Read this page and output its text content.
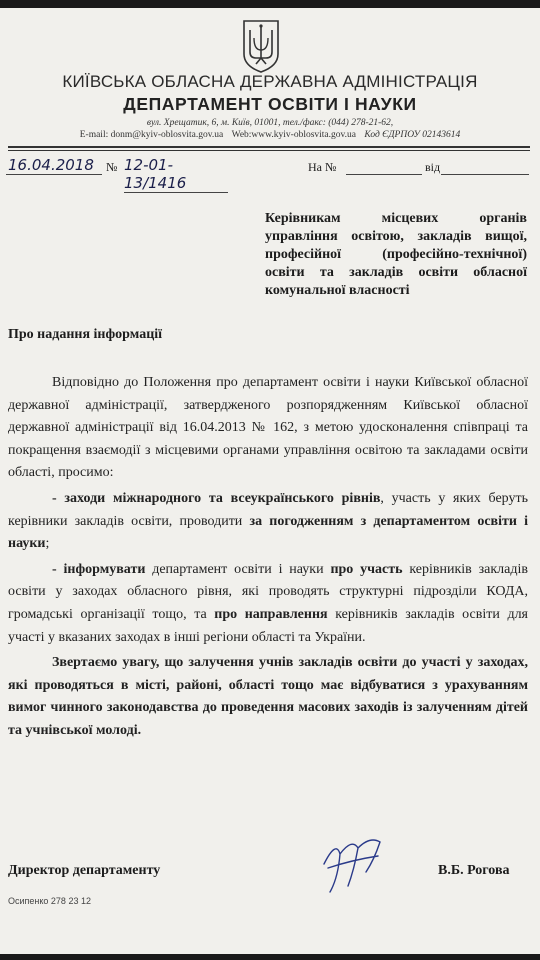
КИЇВСЬКА ОБЛАСНА ДЕРЖАВНА АДМІНІСТРАЦІЯ
ДЕПАРТАМЕНТ ОСВІТИ І НАУКИ
вул. Хрещатик, 6, м. Київ, 01001, тел./факс: (044) 278-21-62,
E-mail: donm@kyiv-oblosvita.gov.ua Web:www.kyiv-oblosvita.gov.ua Код ЄДРПОУ 02143614
16.04.2018	№ 12-01-13/1416
На №	від

Керівникам місцевих органів управління освітою, закладів вищої, професійної (професійно-технічної) освіти та закладів освіти обласної комунальної власності

Про надання інформації

Відповідно до Положення про департамент освіти і науки Київської обласної державної адміністрації, затвердженого розпорядженням Київської обласної державної адміністрації від 16.04.2013 № 162, з метою удосконалення співпраці та покращення взаємодії з місцевими органами управління освітою та закладами освіти області, просимо:

- заходи міжнародного та всеукраїнського рівнів, участь у яких беруть керівники закладів освіти, проводити за погодженням з департаментом освіти і науки;

- інформувати департамент освіти і науки про участь керівників закладів освіти у заходах обласного рівня, які проводять структурні підрозділи КОДА, громадські організації тощо, та про направлення керівників закладів освіти для участі у вказаних заходах в інші регіони області та України.

Звертаємо увагу, що залучення учнів закладів освіти до участі у заходах, які проводяться в місті, районі, області тощо має відбуватися з урахуванням вимог чинного законодавства до проведення масових заходів із залученням дітей та учнівської молоді.

Директор департаменту	В.Б. Рогова
Осипенко 278 23 12
